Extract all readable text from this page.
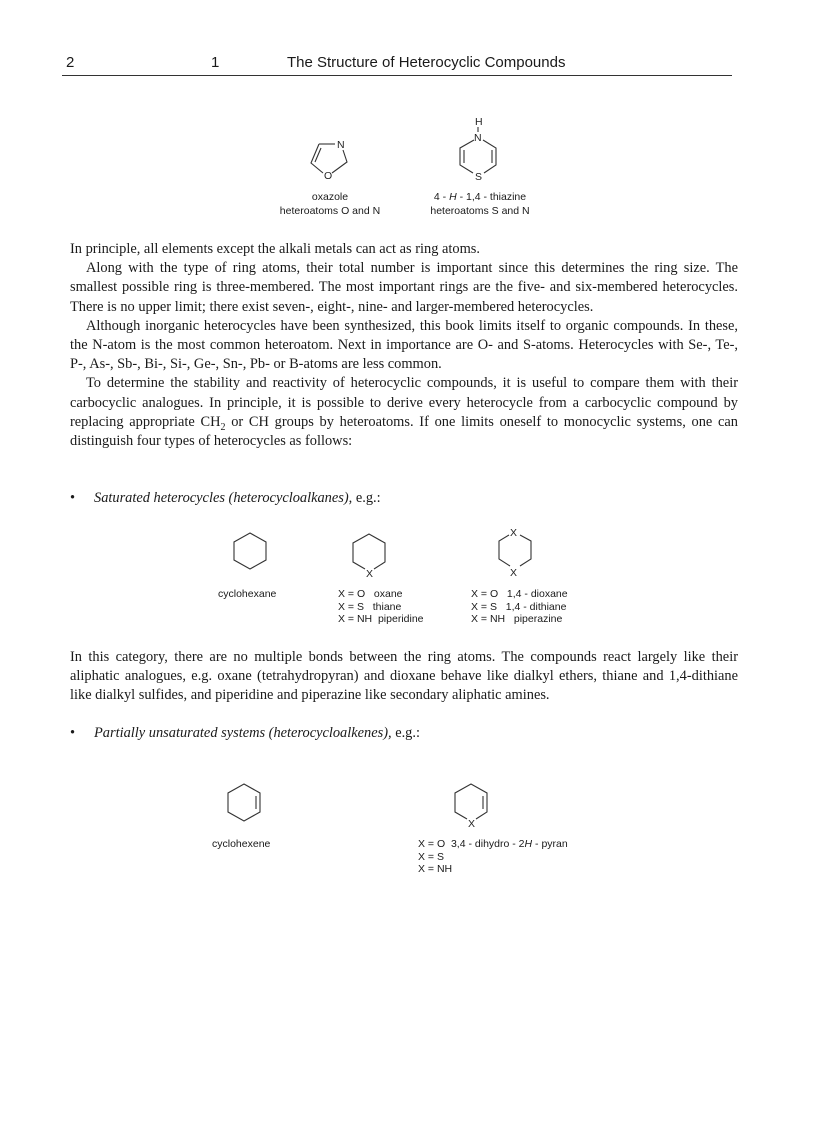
2	1	The Structure of Heterocyclic Compounds
N
O
oxazole
heteroatoms O and N
H
N
S
4 - H - 1,4 - thiazine
heteroatoms S and N

In principle, all elements except the alkali metals can act as ring atoms.

Along with the type of ring atoms, their total number is important since this determines the ring size. The smallest possible ring is three-membered. The most important rings are the five- and six-membered heterocycles. There is no upper limit; there exist seven-, eight-, nine- and larger-membered heterocycles.

Although inorganic heterocycles have been synthesized, this book limits itself to organic compounds. In these, the N-atom is the most common heteroatom. Next in importance are O- and S-atoms. Heterocycles with Se-, Te-, P-, As-, Sb-, Bi-, Si-, Ge-, Sn-, Pb- or B-atoms are less common.

To determine the stability and reactivity of heterocyclic compounds, it is useful to compare them with their carbocyclic analogues. In principle, it is possible to derive every heterocycle from a carbocyclic compound by replacing appropriate $CH_2$ or CH groups by heteroatoms. If one limits oneself to monocyclic systems, one can distinguish four types of heterocycles as follows:

• Saturated heterocycles (heterocycloalkanes), e.g.:
cyclohexane
X
X = O   oxane
X = S   thiane
X = NH  piperidine
X
X
X = O   1,4 - dioxane
X = S   1,4 - dithiane
X = NH   piperazine

In this category, there are no multiple bonds between the ring atoms. The compounds react largely like their aliphatic analogues, e.g. oxane (tetrahydropyran) and dioxane behave like dialkyl ethers, thiane and 1,4-dithiane like dialkyl sulfides, and piperidine and piperazine like secondary aliphatic amines.

• Partially unsaturated systems (heterocycloalkenes), e.g.:
cyclohexene
X
X = O  3,4 - dihydro - 2H - pyran
X = S
X = NH
